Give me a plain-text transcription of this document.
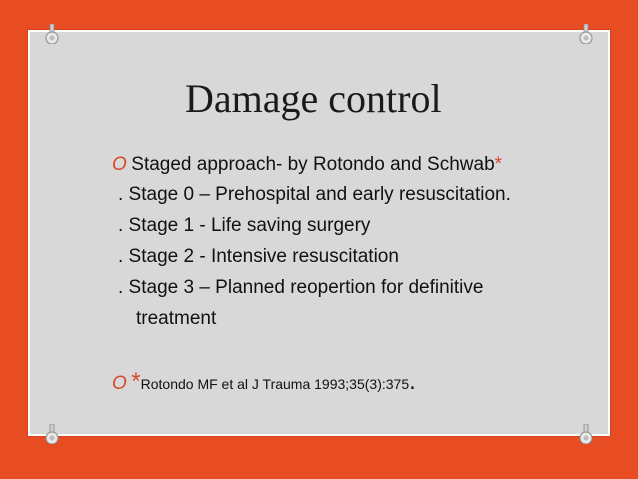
Damage control
O Staged approach- by Rotondo and Schwab*
. Stage 0 – Prehospital and early resuscitation.
. Stage 1 - Life saving surgery
. Stage 2 - Intensive resuscitation
. Stage 3 – Planned reopertion for definitive
treatment
O *Rotondo MF et al J Trauma 1993;35(3):375.
